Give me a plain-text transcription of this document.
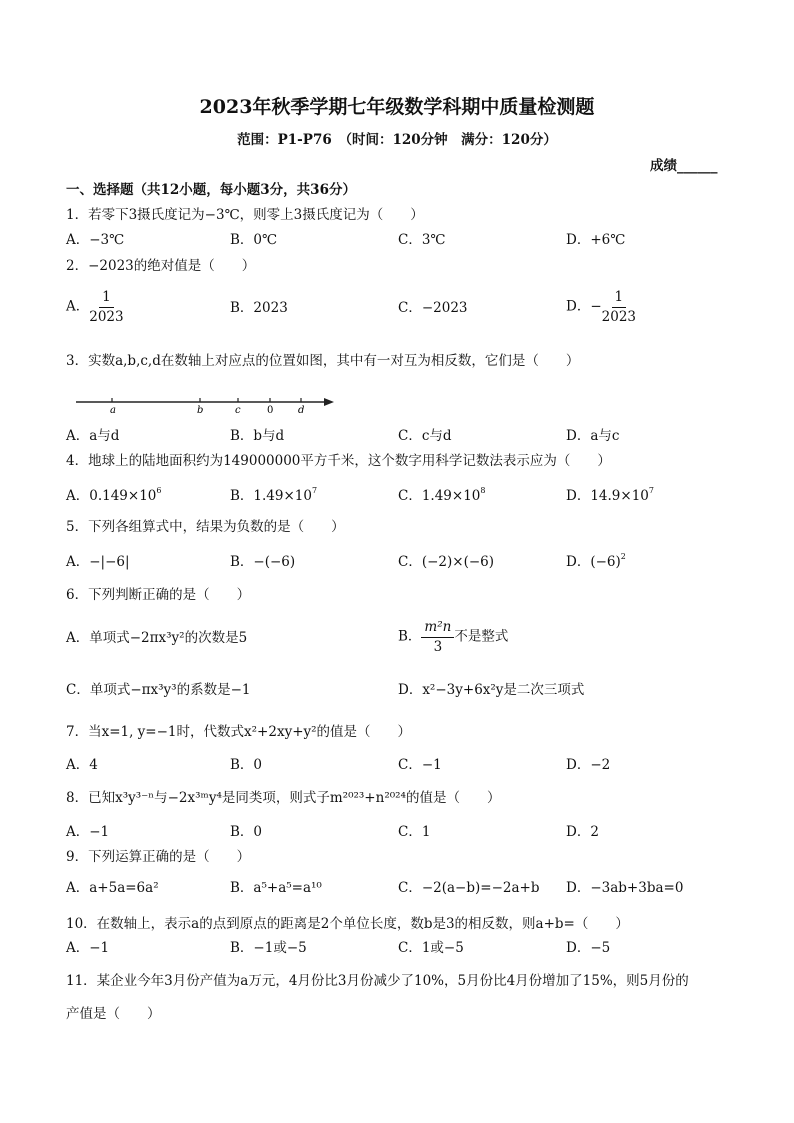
2023年秋季学期七年级数学科期中质量检测题
范围：P1-P76　（时间：120分钟　满分：120分）
成绩______
一、选择题（共12小题，每小题3分，共36分）
1．若零下3摄氏度记为−3℃，则零上3摄氏度记为（　　）
A．−3℃	B．0℃	C．3℃	D．+6℃
2．−2023的绝对值是（　　）
A． $\frac{1}{2023}$	B．2023	C．−2023	D．− $\frac{1}{2023}$
3．实数a,b,c,d在数轴上对应点的位置如图，其中有一对互为相反数，它们是（　　）
a	b	c	0 d
A．a与d	B．b与d	C．c与d	D．a与c
4．地球上的陆地面积约为149000000平方千米，这个数字用科学记数法表示应为（　　）
A．$0.149\times 10^6$	B．$1.49\times 10^7$	C．$1.49\times 10^8$	D．$14.9\times 10^7$
5．下列各组算式中，结果为负数的是（　　）
A．−|−6|	B．−(−6)	C．(−2)×(−6)	D．$(-6)^2$
6．下列判断正确的是（　　）
A．单项式−2πx³y²的次数是5	B． $\frac{\text{m²n}}{3}$ 不是整式
C．单项式−πx³y³的系数是−1	D．x²−3y+6x²y是二次三项式
7．当x=1, y=−1时，代数式x²+2xy+y²的值是（　　）
A．4	B．0	C．−1	D．−2
8．已知x³y³⁻ⁿ与−2x³ᵐy⁴是同类项，则式子m²⁰²³+n²⁰²⁴的值是（　　）
A．−1	B．0	C．1	D．2
9．下列运算正确的是（　　）
A．a+5a=6a²	B．a⁵+a⁵=a¹⁰	C．−2(a−b)=−2a+b D．−3ab+3ba=0
10．在数轴上，表示a的点到原点的距离是2个单位长度，数b是3的相反数，则a+b=（　　）
A．−1	B．−1或−5	C．1或−5	D．−5
11．某企业今年3月份产值为a万元，4月份比3月份减少了10%，5月份比4月份增加了15%，则5月份的
产值是（　　）
